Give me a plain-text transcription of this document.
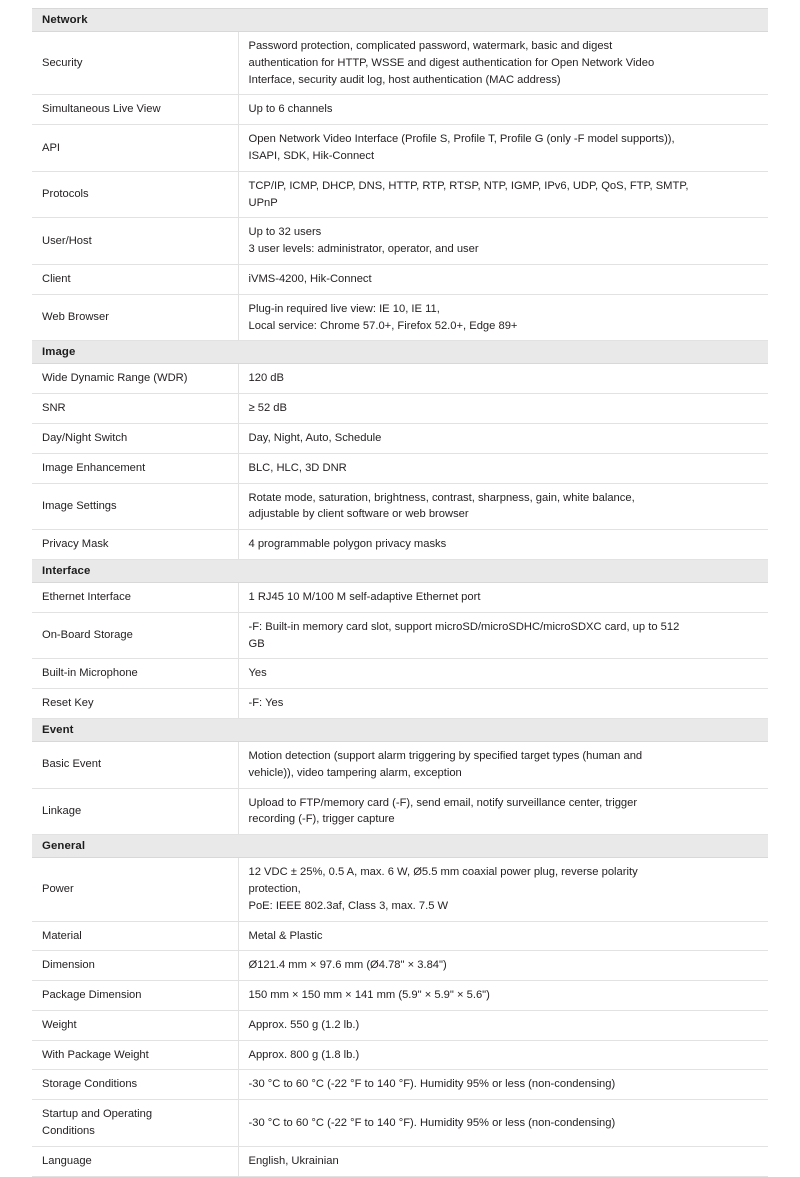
Network	
Security	Password protection, complicated password, watermark, basic and digest
authentication for HTTP, WSSE and digest authentication for Open Network Video
Interface, security audit log, host authentication (MAC address)

Simultaneous Live View	Up to 6 channels

API	Open Network Video Interface (Profile S, Profile T, Profile G (only -F model supports)),
ISAPI, SDK, Hik-Connect

Protocols	TCP/IP, ICMP, DHCP, DNS, HTTP, RTP, RTSP, NTP, IGMP, IPv6, UDP, QoS, FTP, SMTP,
UPnP

User/Host	Up to 32 users
3 user levels: administrator, operator, and user

Client	iVMS-4200, Hik-Connect

Web Browser	Plug-in required live view: IE 10, IE 11,
Local service: Chrome 57.0+, Firefox 52.0+, Edge 89+

Image	
Wide Dynamic Range (WDR)	120 dB

SNR	≥ 52 dB

Day/Night Switch	Day, Night, Auto, Schedule

Image Enhancement	BLC, HLC, 3D DNR

Image Settings	Rotate mode, saturation, brightness, contrast, sharpness, gain, white balance,
adjustable by client software or web browser

Privacy Mask	4 programmable polygon privacy masks

Interface	
Ethernet Interface	1 RJ45 10 M/100 M self-adaptive Ethernet port

On-Board Storage	-F: Built-in memory card slot, support microSD/microSDHC/microSDXC card, up to 512
GB

Built-in Microphone	Yes

Reset Key	-F: Yes

Event	
Basic Event	Motion detection (support alarm triggering by specified target types (human and
vehicle)), video tampering alarm, exception

Linkage	Upload to FTP/memory card (-F), send email, notify surveillance center, trigger
recording (-F), trigger capture

General	
Power	12 VDC ± 25%, 0.5 A, max. 6 W, Ø5.5 mm coaxial power plug, reverse polarity
protection,
PoE: IEEE 802.3af, Class 3, max. 7.5 W

Material	Metal & Plastic

Dimension	Ø121.4 mm × 97.6 mm (Ø4.78" × 3.84")

Package Dimension	150 mm × 150 mm × 141 mm (5.9" × 5.9" × 5.6")

Weight	Approx. 550 g (1.2 lb.)

With Package Weight	Approx. 800 g (1.8 lb.)

Storage Conditions	-30 °C to 60 °C (-22 °F to 140 °F). Humidity 95% or less (non-condensing)

Startup and Operating
Conditions	-30 °C to 60 °C (-22 °F to 140 °F). Humidity 95% or less (non-condensing)

Language	English, Ukrainian
